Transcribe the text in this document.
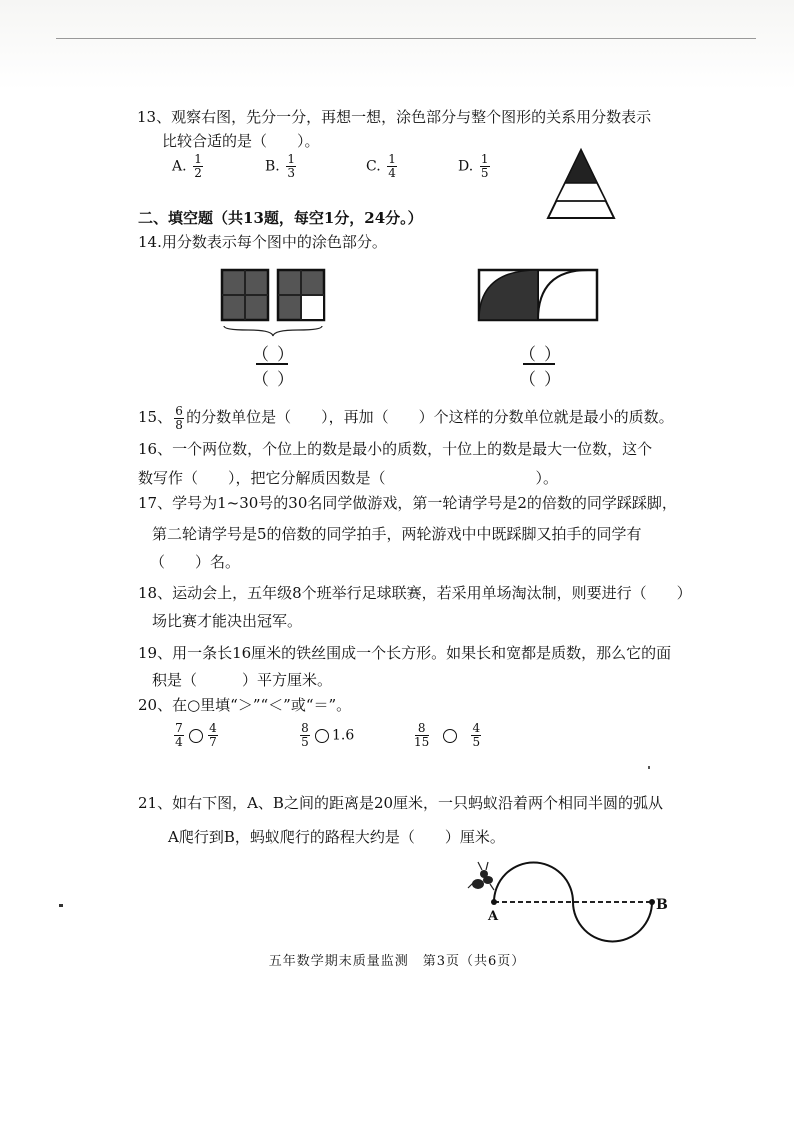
13、观察右图，先分一分，再想一想，涂色部分与整个图形的关系用分数表示
比较合适的是（　　）。
A. $\frac{1}{2}$	B. $\frac{1}{3}$	C. $\frac{1}{4}$	D. $\frac{1}{5}$
二、填空题（共13题，每空1分，24分。）
14.用分数表示每个图中的涂色部分。
（ ）
（ ）
（ ）
（ ）
15、 $\frac{6}{8}$ 的分数单位是（　　），再加（　　）个这样的分数单位就是最小的质数。
16、一个两位数，个位上的数是最小的质数，十位上的数是最大一位数，这个
数写作（　　），把它分解质因数是（　　　　　　　　　　）。
17、学号为1~30号的30名同学做游戏，第一轮请学号是2的倍数的同学踩踩脚，
第二轮请学号是5的倍数的同学拍手，两轮游戏中中既踩脚又拍手的同学有
（　　）名。
18、运动会上，五年级8个班举行足球联赛，若采用单场淘汰制，则要进行（　　）
场比赛才能决出冠军。
19、用一条长16厘米的铁丝围成一个长方形。如果长和宽都是质数，那么它的面
积是（　　　）平方厘米。
20、在○里填“＞”“＜”或“＝”。
$\frac{7}{4} \frac{4}{7}$	$\frac{8}{5} 1.6$	$\frac{8}{15}$	$\frac{4}{5}$
21、如右下图，A、B之间的距离是20厘米，一只蚂蚁沿着两个相同半圆的弧从
A爬行到B，蚂蚁爬行的路程大约是（　　）厘米。
A
B
五年数学期末质量监测　第3页（共6页）
